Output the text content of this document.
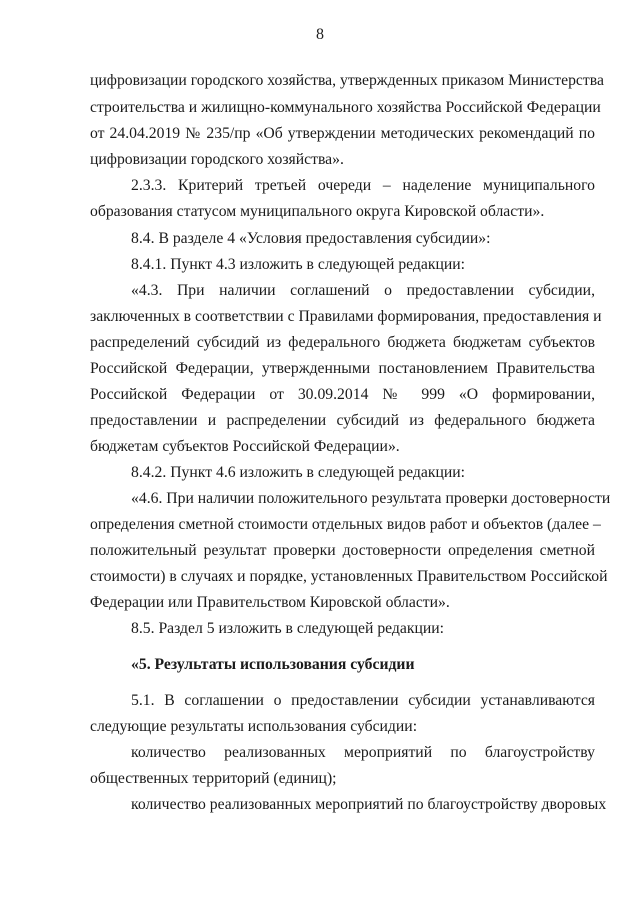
8
цифровизации городского хозяйства, утвержденных приказом Министерства
строительства и жилищно-коммунального хозяйства Российской Федерации
от 24.04.2019 № 235/пр «Об утверждении методических рекомендаций по
цифровизации городского хозяйства».
2.3.3. Критерий третьей очереди – наделение муниципального
образования статусом муниципального округа Кировской области».
8.4. В разделе 4 «Условия предоставления субсидии»:
8.4.1. Пункт 4.3 изложить в следующей редакции:
«4.3. При наличии соглашений о предоставлении субсидии,
заключенных в соответствии с Правилами формирования, предоставления и
распределений субсидий из федерального бюджета бюджетам субъектов
Российской Федерации, утвержденными постановлением Правительства
Российской Федерации от 30.09.2014 № 999 «О формировании,
предоставлении и распределении субсидий из федерального бюджета
бюджетам субъектов Российской Федерации».
8.4.2. Пункт 4.6 изложить в следующей редакции:
«4.6. При наличии положительного результата проверки достоверности
определения сметной стоимости отдельных видов работ и объектов (далее –
положительный результат проверки достоверности определения сметной
стоимости) в случаях и порядке, установленных Правительством Российской
Федерации или Правительством Кировской области».
8.5. Раздел 5 изложить в следующей редакции:
«5. Результаты использования субсидии
5.1. В соглашении о предоставлении субсидии устанавливаются
следующие результаты использования субсидии:
количество реализованных мероприятий по благоустройству
общественных территорий (единиц);
количество реализованных мероприятий по благоустройству дворовых
